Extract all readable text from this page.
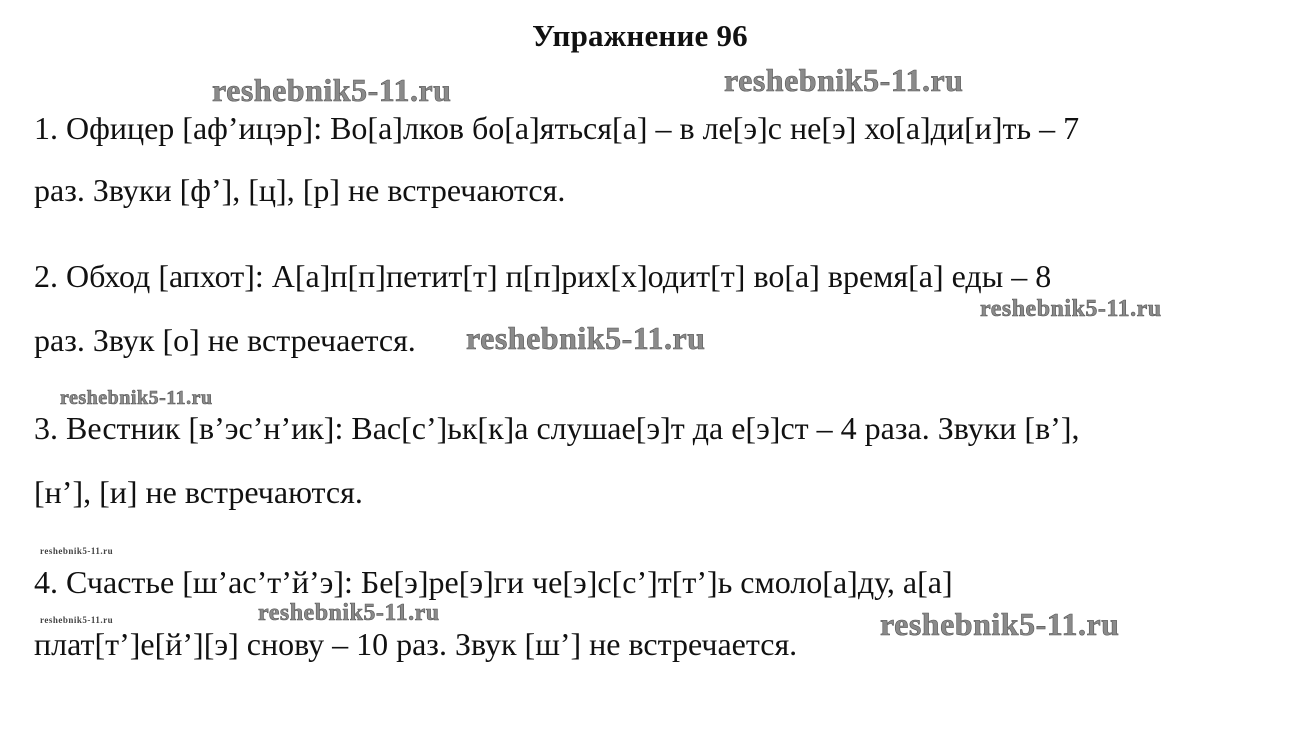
Упражнение 96
reshebnik5-11.ru	reshebnik5-11.ru
reshebnik5-11.ru
reshebnik5-11.ru
reshebnik5-11.ru
reshebnik5-11.ru
reshebnik5-11.ru	reshebnik5-11.ru	reshebnik5-11.ru
1. Офицер [аф’ицэр]: Во[а]лков бо[а]яться[а] – в ле[э]с не[э] хо[а]ди[и]ть – 7
раз. Звуки [ф’], [ц], [р] не встречаются.
2. Обход [апхот]: А[а]п[п]петит[т] п[п]рих[х]одит[т] во[а] время[а] еды – 8
раз. Звук [о] не встречается.
3. Вестник [в’эс’н’ик]: Вас[с’]ьк[к]а слушае[э]т да е[э]ст – 4 раза. Звуки [в’],
[н’], [и] не встречаются.
4. Счастье [ш’ас’т’й’э]: Бе[э]ре[э]ги че[э]с[с’]т[т’]ь смоло[а]ду, а[а]
плат[т’]е[й’][э] снову – 10 раз. Звук [ш’] не встречается.
